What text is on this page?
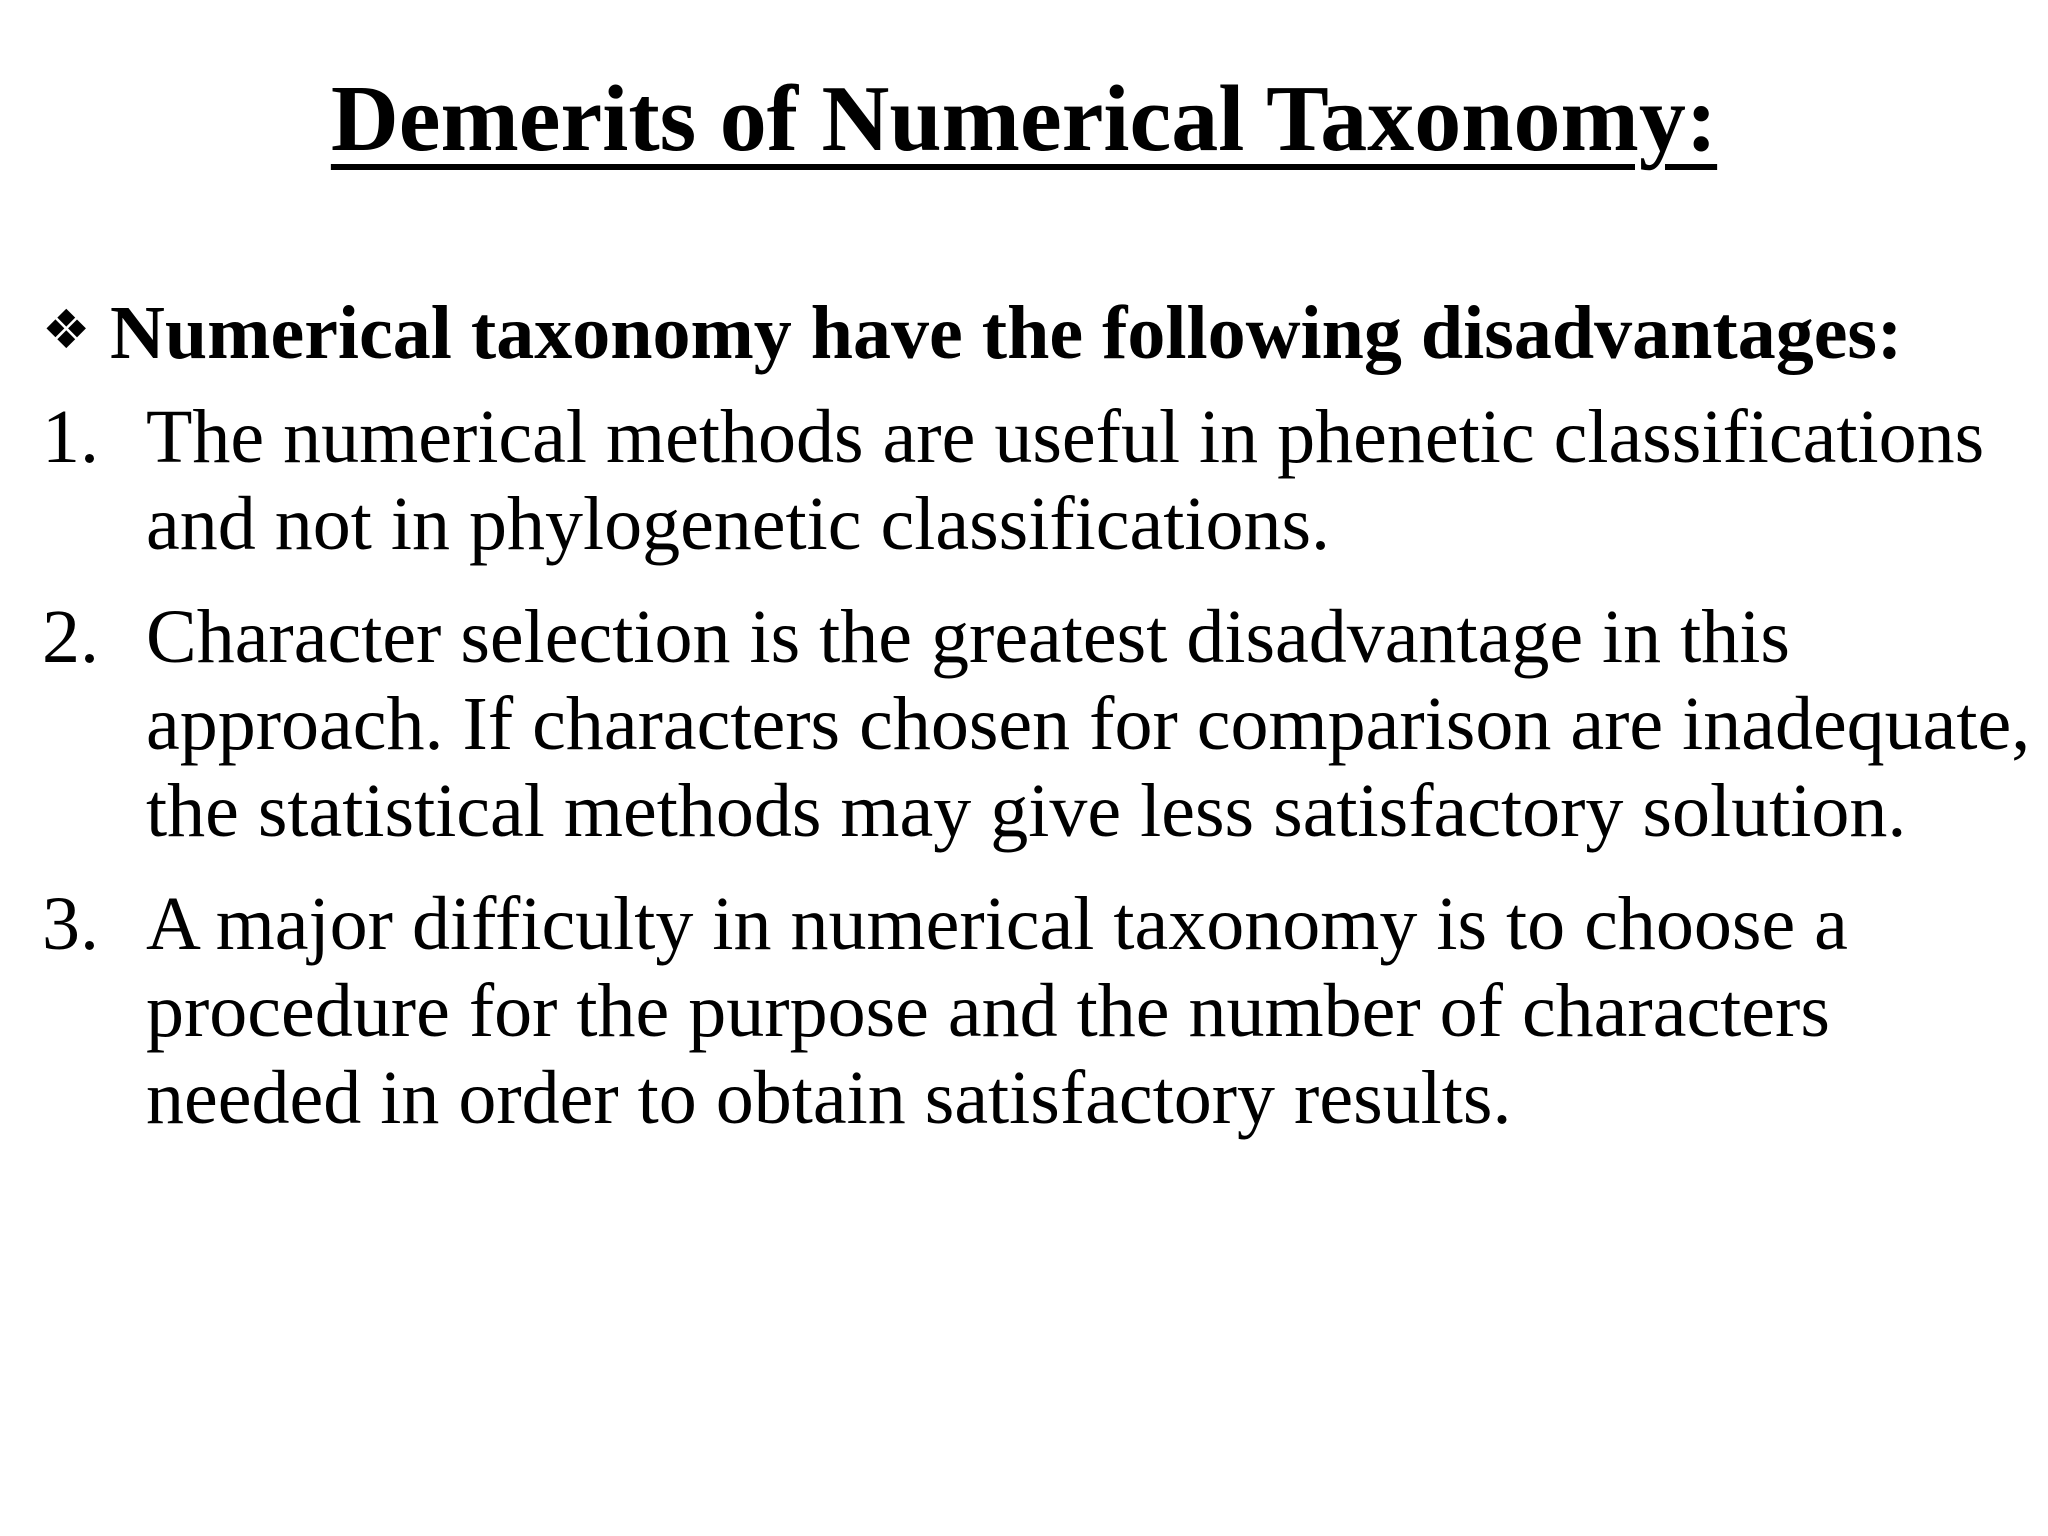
Demerits of Numerical Taxonomy:
❖ Numerical taxonomy have the following disadvantages:
1. The numerical methods are useful in phenetic classifications and not in phylogenetic classifications.
2. Character selection is the greatest disadvantage in this approach. If characters chosen for comparison are inadequate, the statistical methods may give less satisfactory solution.
3. A major difficulty in numerical taxonomy is to choose a procedure for the purpose and the number of characters needed in order to obtain satisfactory results.
